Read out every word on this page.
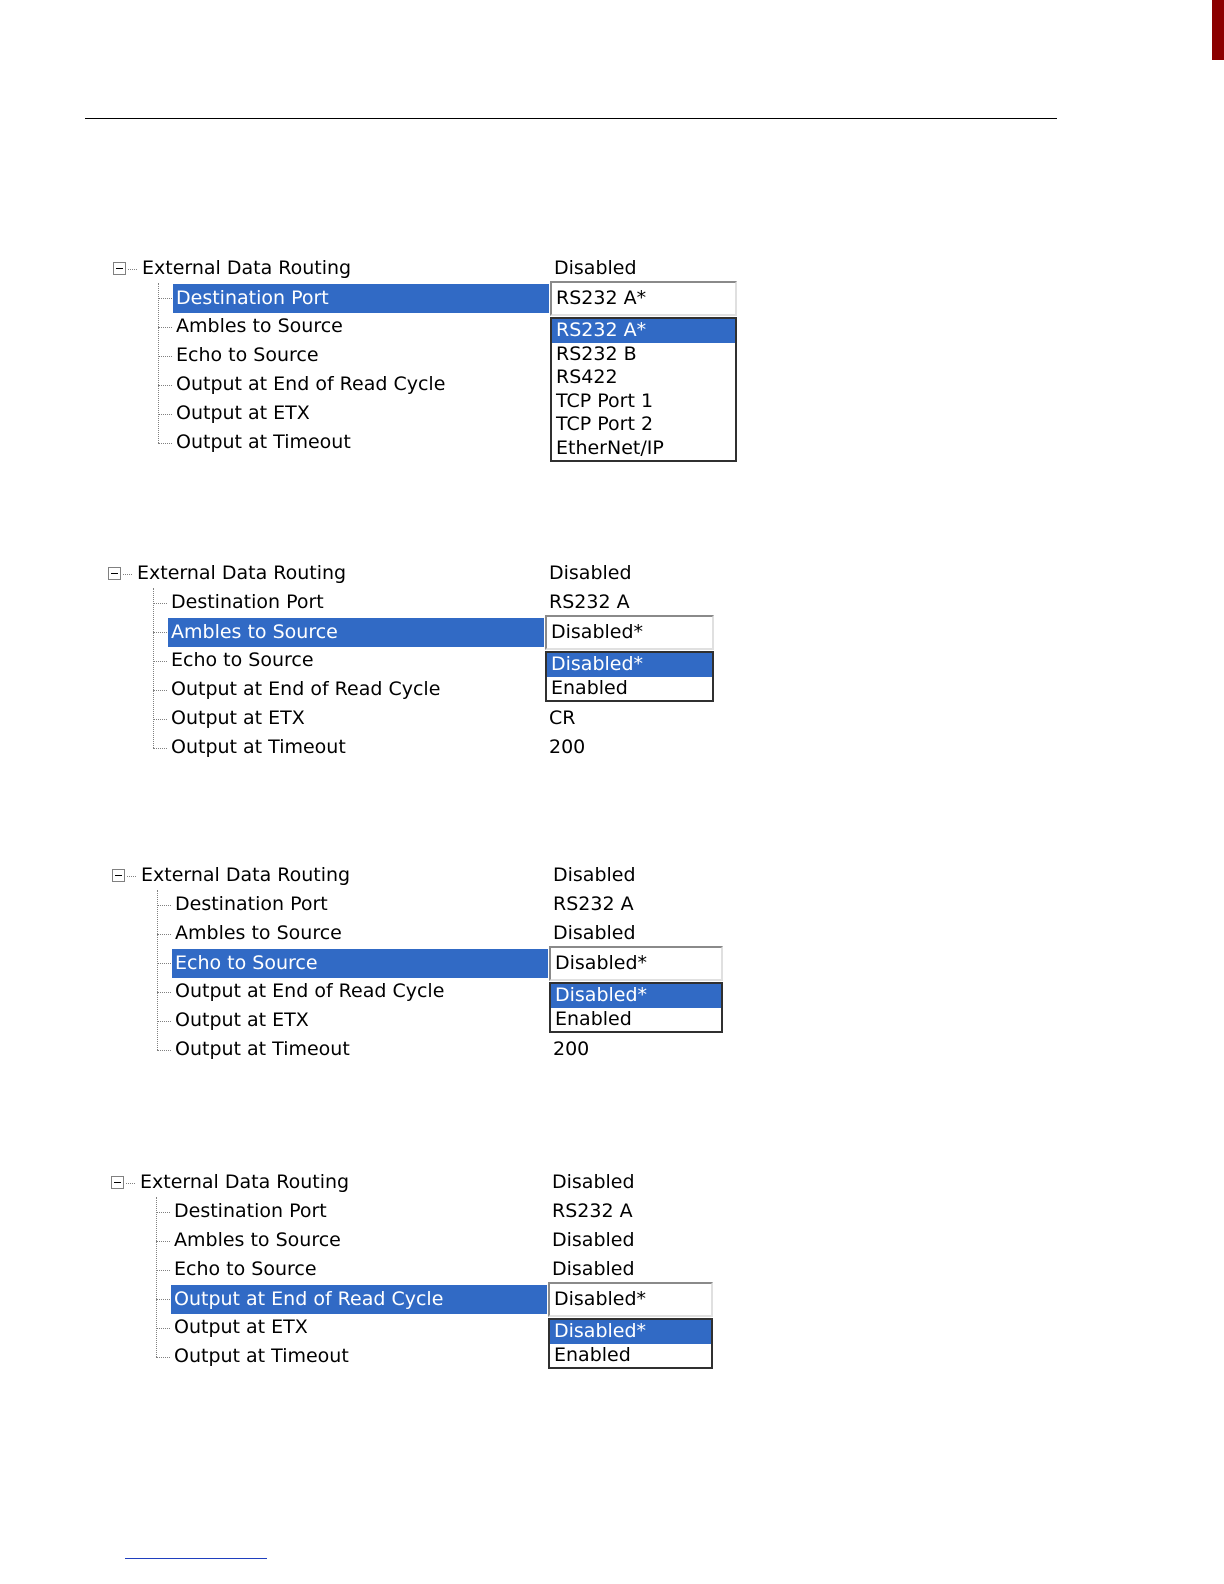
External Data Routing	Disabled
Destination Port	RS232 A*
Ambles to Source
Echo to Source
Output at End of Read Cycle
Output at ETX
Output at Timeout
RS232 A*
RS232 B
RS422
TCP Port 1
TCP Port 2
EtherNet/IP
External Data Routing	Disabled
Destination Port	RS232 A
Ambles to Source	Disabled*
Echo to Source
Output at End of Read Cycle
Output at ETX	CR
Output at Timeout	200
Disabled*
Enabled
External Data Routing	Disabled
Destination Port	RS232 A
Ambles to Source	Disabled
Echo to Source	Disabled*
Output at End of Read Cycle
Output at ETX
Output at Timeout	200
Disabled*
Enabled
External Data Routing	Disabled
Destination Port	RS232 A
Ambles to Source	Disabled
Echo to Source	Disabled
Output at End of Read Cycle	Disabled*
Output at ETX
Output at Timeout
Disabled*
Enabled
